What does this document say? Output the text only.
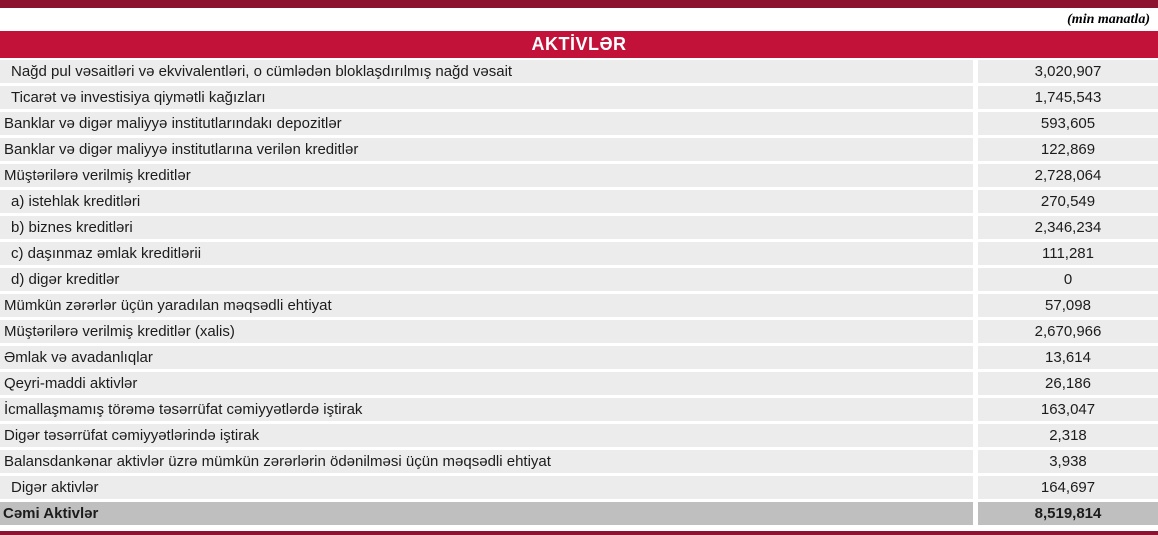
(min manatla)
AKTİVLƏR
Nağd pul vəsaitləri və ekvivalentləri, o cümlədən bloklaşdırılmış nağd vəsait	3,020,907
Ticarət və investisiya qiymətli kağızları	1,745,543
Banklar və digər maliyyə institutlarındakı depozitlər	593,605
Banklar və digər maliyyə institutlarına verilən kreditlər	122,869
Müştərilərə verilmiş kreditlər	2,728,064
a) istehlak kreditləri	270,549
b) biznes kreditləri	2,346,234
c) daşınmaz əmlak kreditlərii	111,281
d) digər kreditlər	0
Mümkün zərərlər üçün yaradılan məqsədli ehtiyat	57,098
Müştərilərə verilmiş kreditlər (xalis)	2,670,966
Əmlak və avadanlıqlar	13,614
Qeyri-maddi aktivlər	26,186
İcmallaşmamış törəmə təsərrüfat cəmiyyətlərdə iştirak	163,047
Digər təsərrüfat cəmiyyətlərində iştirak	2,318
Balansdankənar aktivlər üzrə mümkün zərərlərin ödənilməsi üçün məqsədli ehtiyat	3,938
Digər aktivlər	164,697
Cəmi Aktivlər	8,519,814
